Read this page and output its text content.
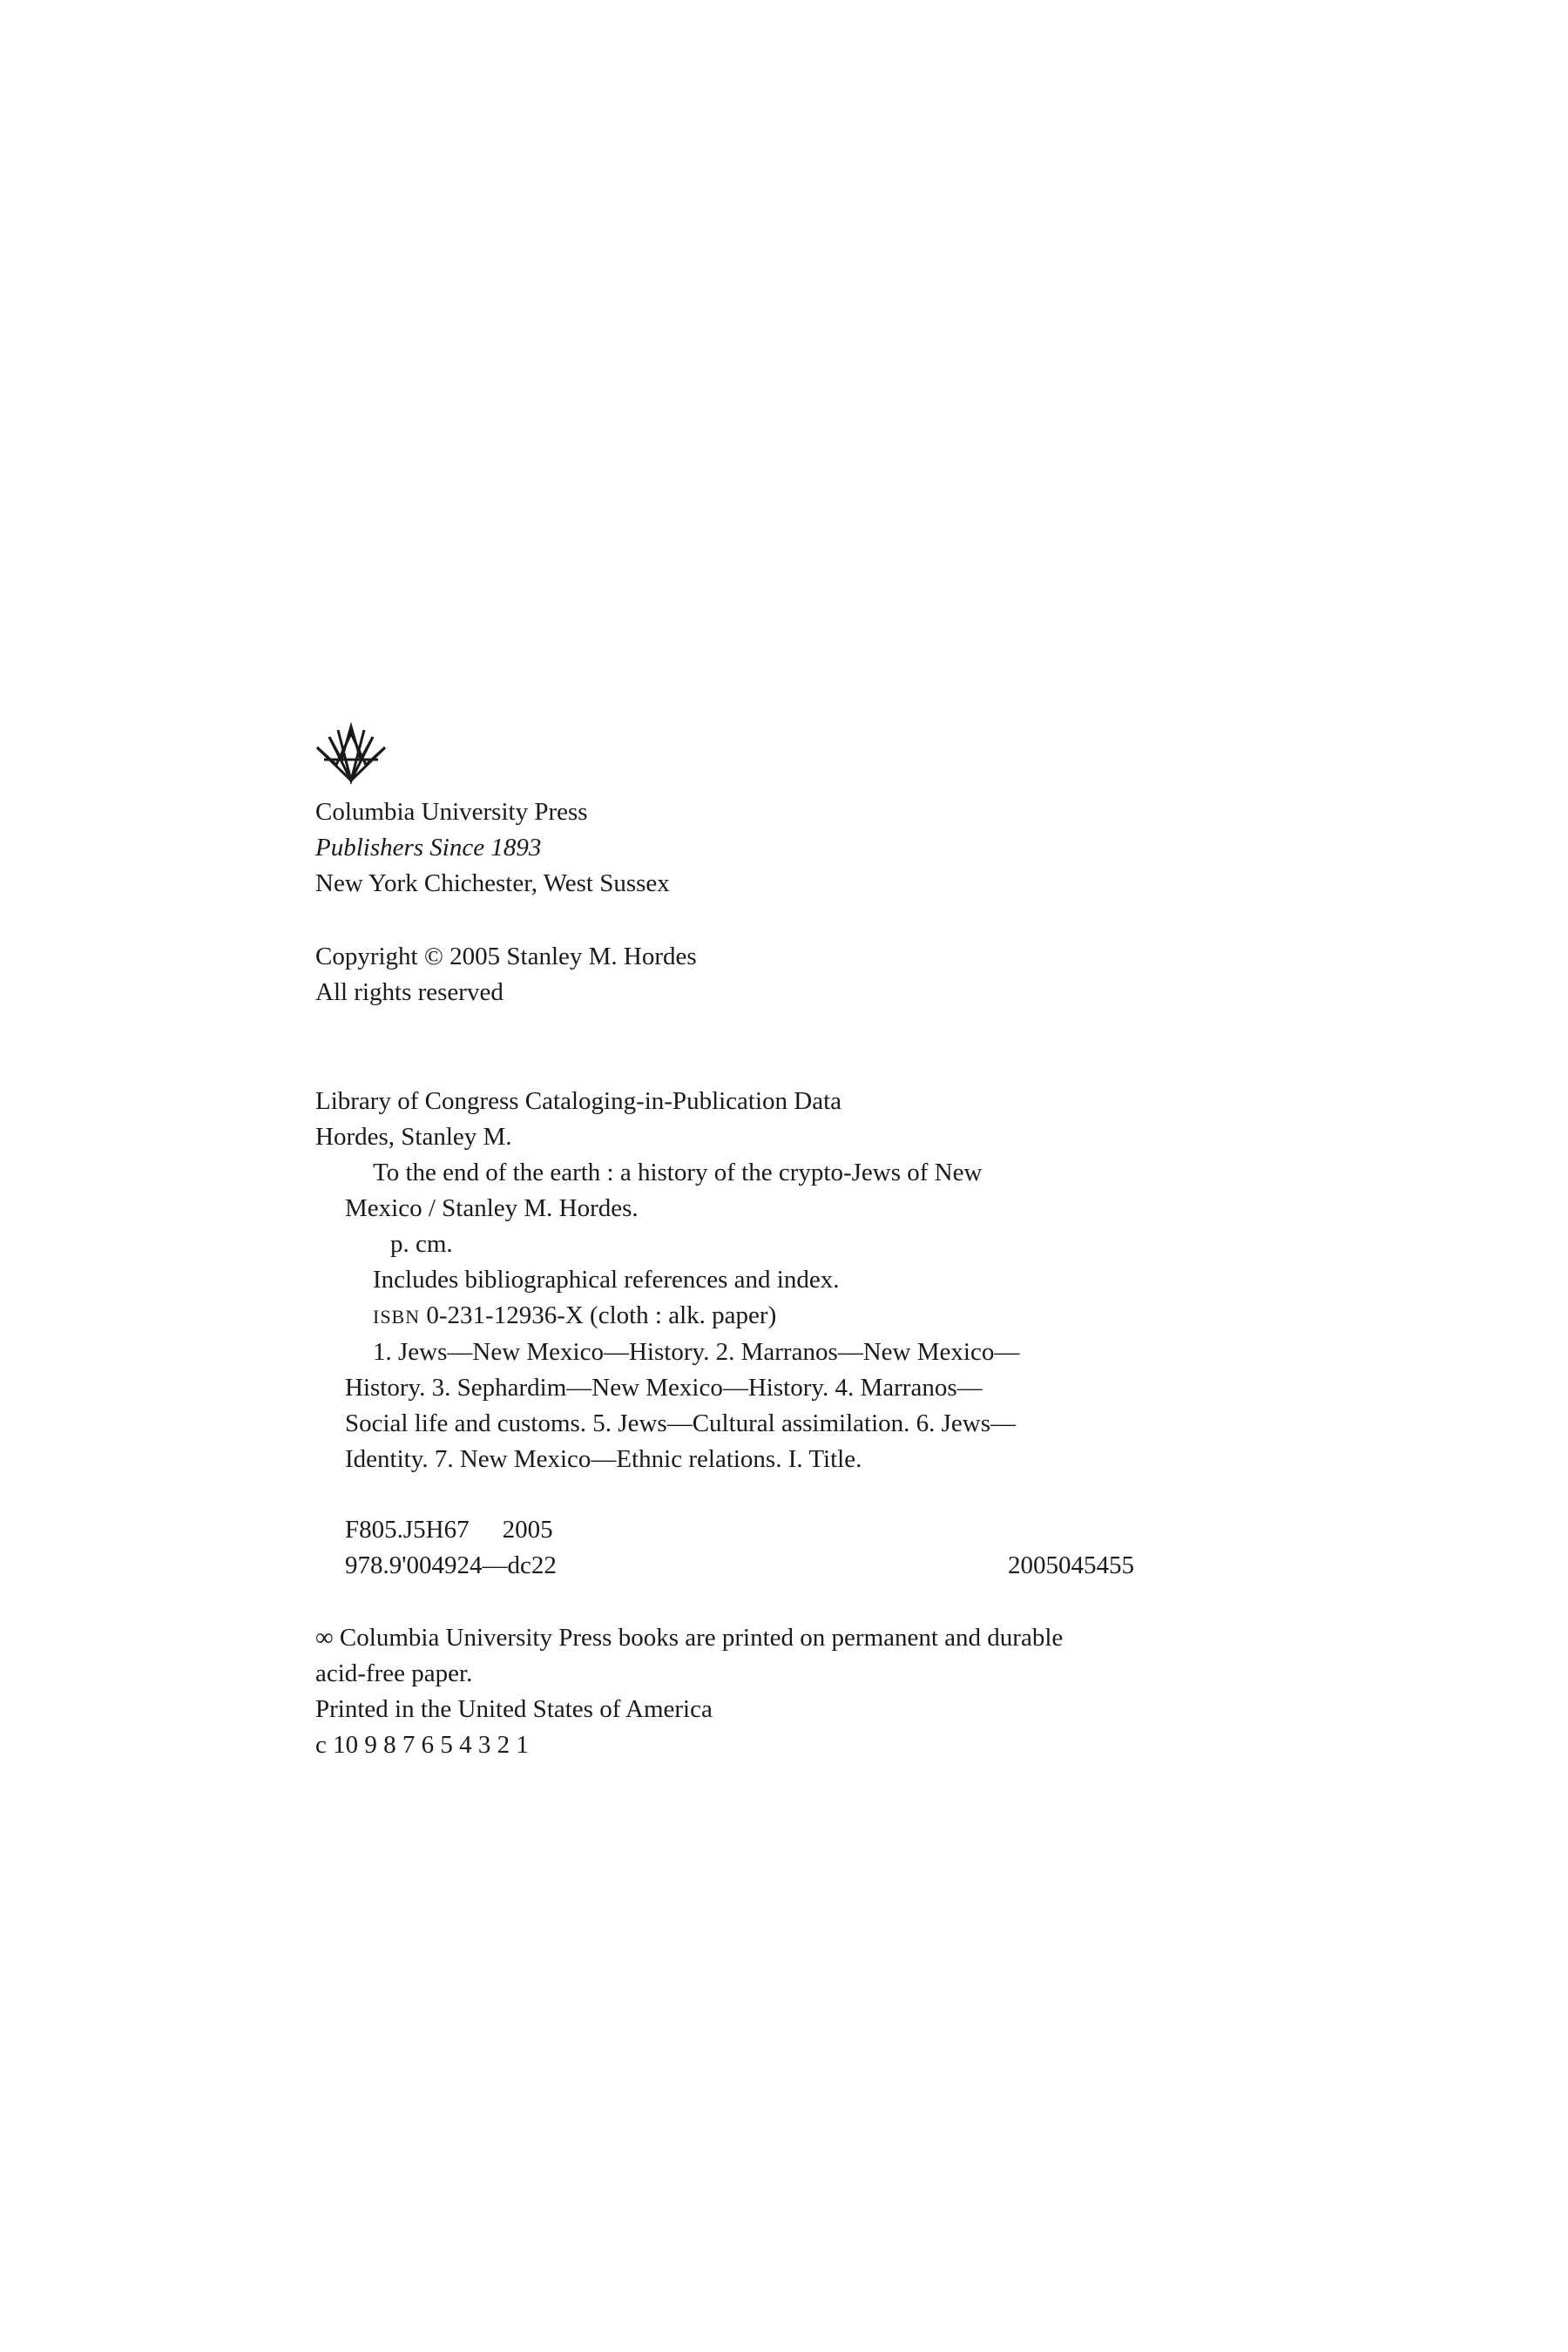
Columbia University Press
Publishers Since 1893
New York Chichester, West Sussex
Copyright © 2005 Stanley M. Hordes
All rights reserved
Library of Congress Cataloging-in-Publication Data
Hordes, Stanley M.
To the end of the earth : a history of the crypto-Jews of New
Mexico / Stanley M. Hordes.
p. cm.
Includes bibliographical references and index.
ISBN 0-231-12936-X (cloth : alk. paper)
1. Jews—New Mexico—History. 2. Marranos—New Mexico—
History. 3. Sephardim—New Mexico—History. 4. Marranos—
Social life and customs. 5. Jews—Cultural assimilation. 6. Jews—
Identity. 7. New Mexico—Ethnic relations. I. Title.
F805.J5H67 2005
978.9'004924—dc22	2005045455
∞ Columbia University Press books are printed on permanent and durable
acid-free paper.
Printed in the United States of America
c 10 9 8 7 6 5 4 3 2 1
